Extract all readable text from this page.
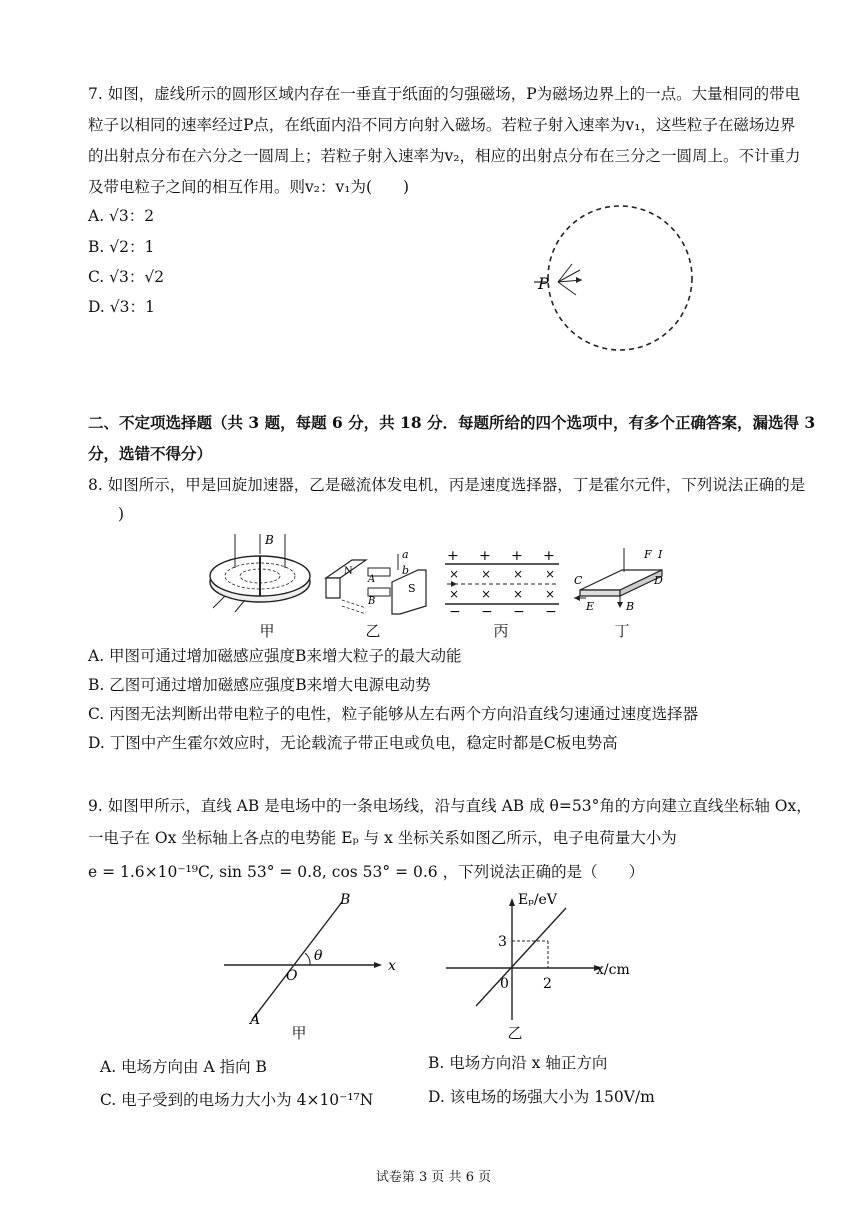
7. 如图，虚线所示的圆形区域内存在一垂直于纸面的匀强磁场，P为磁场边界上的一点。大量相同的带电
粒子以相同的速率经过P点，在纸面内沿不同方向射入磁场。若粒子射入速率为v₁，这些粒子在磁场边界
的出射点分布在六分之一圆周上；若粒子射入速率为v₂，相应的出射点分布在三分之一圆周上。不计重力
及带电粒子之间的相互作用。则v₂：v₁为(　　)
A. √3：2
B. √2：1
C. √3：√2
D. √3：1
P
二、不定项选择题（共 3 题，每题 6 分，共 18 分．每题所给的四个选项中，有多个正确答案，漏选得 3
分，选错不得分）
8. 如图所示，甲是回旋加速器，乙是磁流体发电机，丙是速度选择器，丁是霍尔元件，下列说法正确的是
)
B
a
b
N
S
A
B
+ + + +
× × × ×
× × × ×
− − − −
F I
C	D
E	B
甲	乙	丙	丁
A. 甲图可通过增加磁感应强度B来增大粒子的最大动能
B. 乙图可通过增加磁感应强度B来增大电源电动势
C. 丙图无法判断出带电粒子的电性，粒子能够从左右两个方向沿直线匀速通过速度选择器
D. 丁图中产生霍尔效应时，无论载流子带正电或负电，稳定时都是C板电势高
9. 如图甲所示，直线 AB 是电场中的一条电场线，沿与直线 AB 成 θ=53°角的方向建立直线坐标轴 Ox，
一电子在 Ox 坐标轴上各点的电势能 Eₚ 与 x 坐标关系如图乙所示，电子电荷量大小为
e = 1.6×10⁻¹⁹C, sin 53° = 0.8, cos 53° = 0.6 ，下列说法正确的是（　　）
B
A
O
θ
x
甲
Eₚ/eV
x/cm
3
2
0
乙
A. 电场方向由 A 指向 B	B. 电场方向沿 x 轴正方向
C. 电子受到的电场力大小为 4×10⁻¹⁷N	D. 该电场的场强大小为 150V/m
试卷第 3 页 共 6 页
